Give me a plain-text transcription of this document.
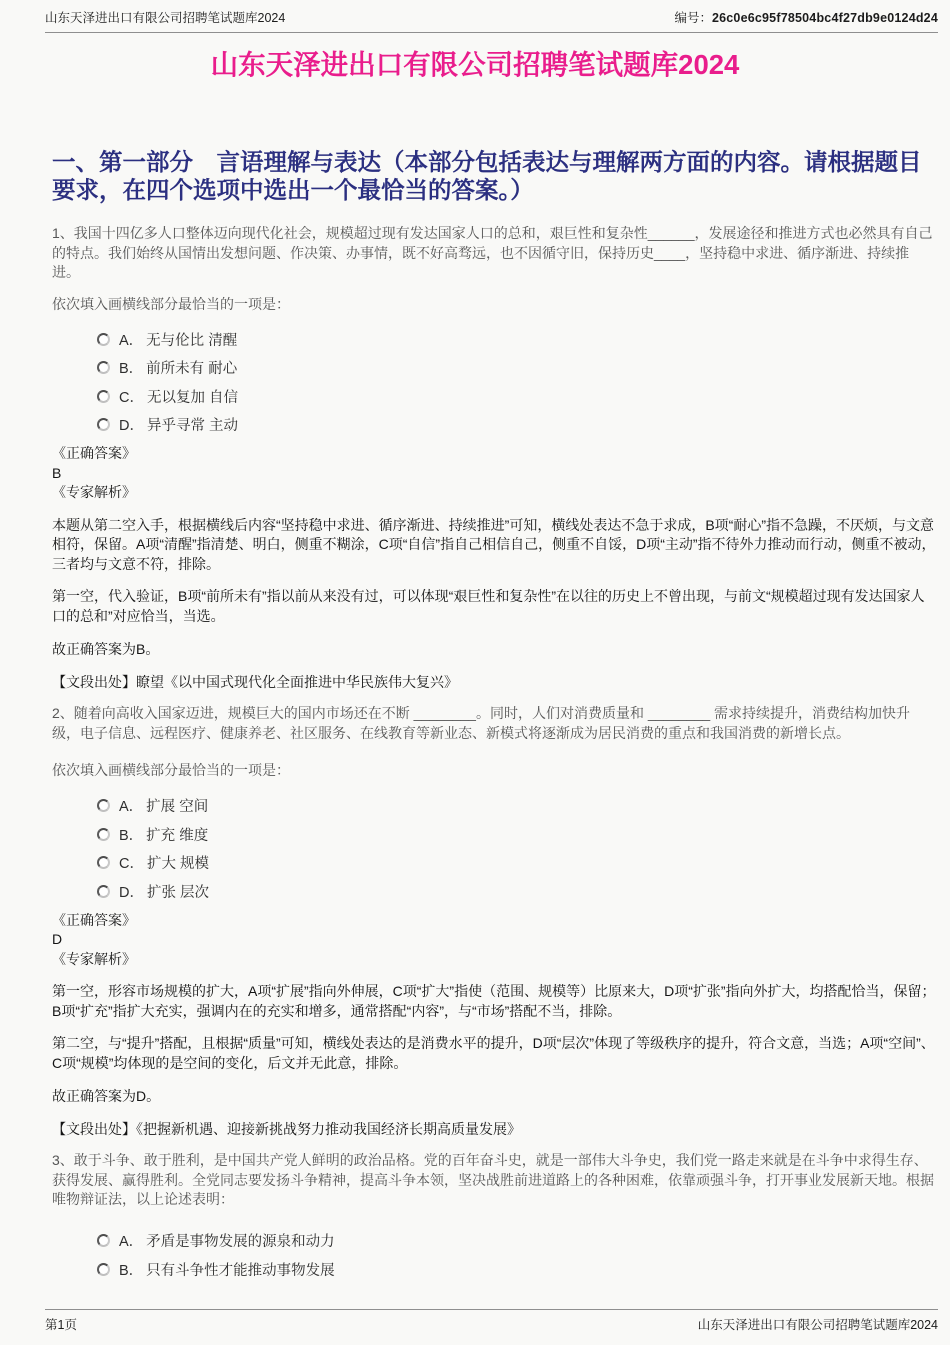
山东天泽进出口有限公司招聘笔试题库2024	编号：26c0e6c95f78504bc4f27db9e0124d24
山东天泽进出口有限公司招聘笔试题库2024
一、第一部分　言语理解与表达（本部分包括表达与理解两方面的内容。请根据题目要求，在四个选项中选出一个最恰当的答案。）

1、我国十四亿多人口整体迈向现代化社会，规模超过现有发达国家人口的总和，艰巨性和复杂性______，发展途径和推进方式也必然具有自己的特点。我们始终从国情出发想问题、作决策、办事情，既不好高骛远，也不因循守旧，保持历史____，坚持稳中求进、循序渐进、持续推进。

依次填入画横线部分最恰当的一项是：

A． 无与伦比 清醒
B． 前所未有 耐心
C． 无以复加 自信
D． 异乎寻常 主动

《正确答案》

B

《专家解析》

本题从第二空入手，根据横线后内容“坚持稳中求进、循序渐进、持续推进”可知，横线处表达不急于求成，B项“耐心”指不急躁，不厌烦，与文意相符，保留。A项“清醒”指清楚、明白，侧重不糊涂，C项“自信”指自己相信自己，侧重不自馁，D项“主动”指不待外力推动而行动，侧重不被动，三者均与文意不符，排除。

第一空，代入验证，B项“前所未有”指以前从来没有过，可以体现“艰巨性和复杂性”在以往的历史上不曾出现，与前文“规模超过现有发达国家人口的总和”对应恰当，当选。

故正确答案为B。

【文段出处】瞭望《以中国式现代化全面推进中华民族伟大复兴》

2、随着向高收入国家迈进，规模巨大的国内市场还在不断 ________。同时，人们对消费质量和 ________ 需求持续提升，消费结构加快升级，电子信息、远程医疗、健康养老、社区服务、在线教育等新业态、新模式将逐渐成为居民消费的重点和我国消费的新增长点。

依次填入画横线部分最恰当的一项是：

A． 扩展 空间
B． 扩充 维度
C． 扩大 规模
D． 扩张 层次

《正确答案》

D

《专家解析》

第一空，形容市场规模的扩大，A项“扩展”指向外伸展，C项“扩大”指使（范围、规模等）比原来大，D项“扩张”指向外扩大，均搭配恰当，保留；B项“扩充”指扩大充实，强调内在的充实和增多，通常搭配“内容”，与“市场”搭配不当，排除。

第二空，与“提升”搭配，且根据“质量”可知，横线处表达的是消费水平的提升，D项“层次”体现了等级秩序的提升，符合文意，当选；A项“空间”、C项“规模”均体现的是空间的变化，后文并无此意，排除。

故正确答案为D。

【文段出处】《把握新机遇、迎接新挑战努力推动我国经济长期高质量发展》

3、敢于斗争、敢于胜利，是中国共产党人鲜明的政治品格。党的百年奋斗史，就是一部伟大斗争史，我们党一路走来就是在斗争中求得生存、获得发展、赢得胜利。全党同志要发扬斗争精神，提高斗争本领，坚决战胜前进道路上的各种困难，依靠顽强斗争，打开事业发展新天地。根据唯物辩证法，以上论述表明：

A． 矛盾是事物发展的源泉和动力
B． 只有斗争性才能推动事物发展
第1页	山东天泽进出口有限公司招聘笔试题库2024
